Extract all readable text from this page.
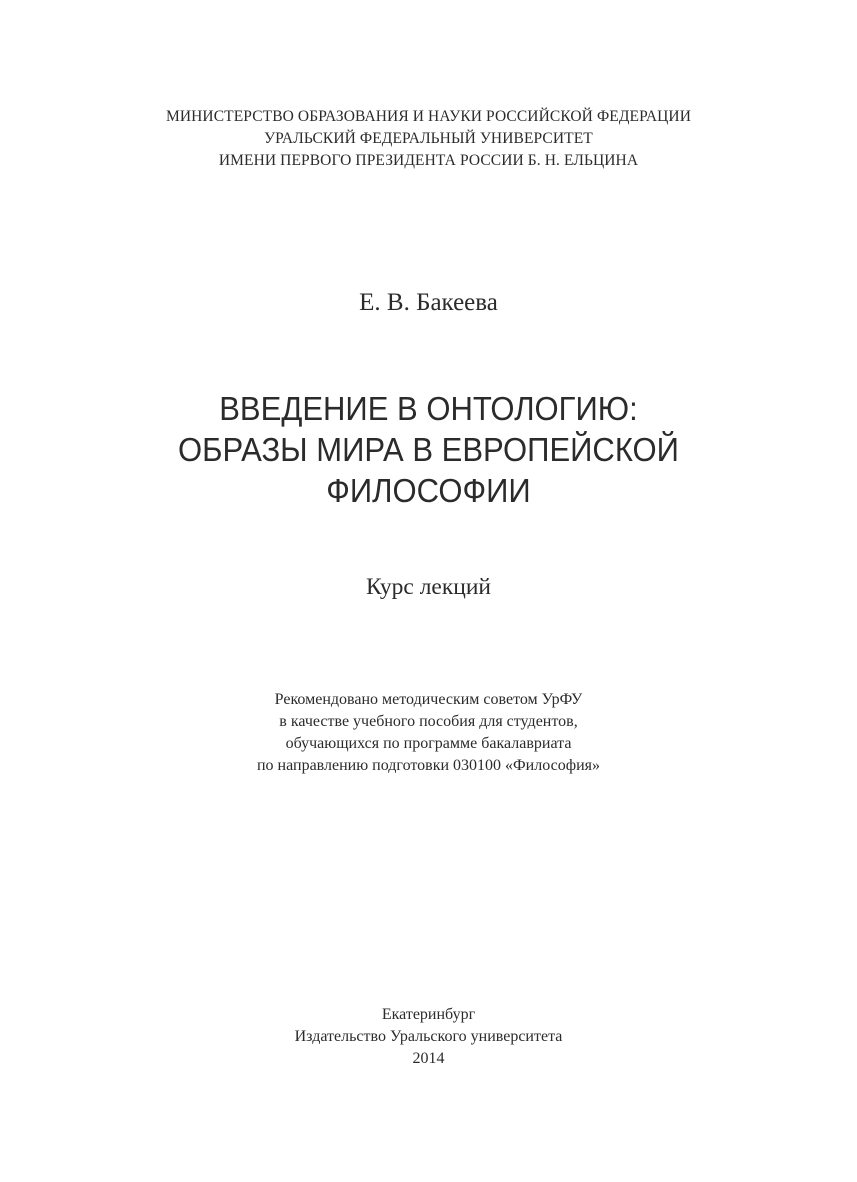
МИНИСТЕРСТВО ОБРАЗОВАНИЯ И НАУКИ РОССИЙСКОЙ ФЕДЕРАЦИИ
УРАЛЬСКИЙ ФЕДЕРАЛЬНЫЙ УНИВЕРСИТЕТ
ИМЕНИ ПЕРВОГО ПРЕЗИДЕНТА РОССИИ Б. Н. ЕЛЬЦИНА
Е. В. Бакеева
ВВЕДЕНИЕ В ОНТОЛОГИЮ:
ОБРАЗЫ МИРА В ЕВРОПЕЙСКОЙ
ФИЛОСОФИИ
Курс лекций
Рекомендовано методическим советом УрФУ
в качестве учебного пособия для студентов,
обучающихся по программе бакалавриата
по направлению подготовки 030100 «Философия»
Екатеринбург
Издательство Уральского университета
2014
